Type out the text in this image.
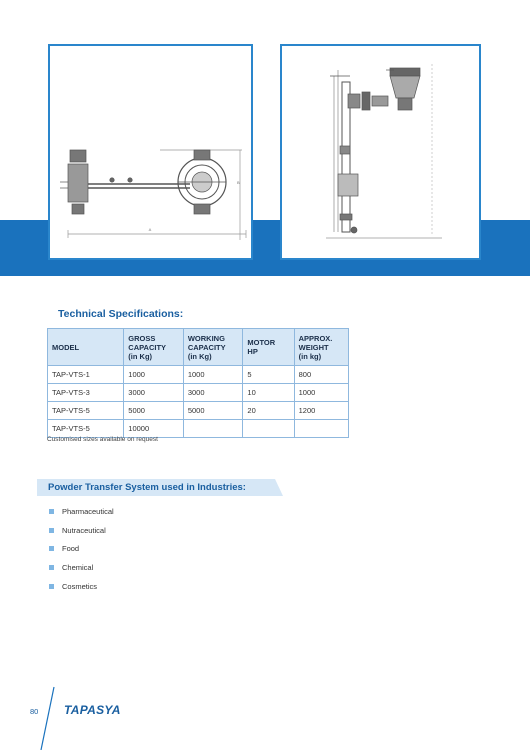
A
B
Plan view	Elevation view
Technical Specifications:
MODEL	GROSS
CAPACITY
(in Kg)	WORKING
CAPACITY
(in Kg)	MOTOR
HP	APPROX.
WEIGHT
(in kg)
TAP-VTS-1	1000	1000	5	800
TAP-VTS-3	3000	3000	10	1000
TAP-VTS-5	5000	5000	20	1200
TAP-VTS-5	10000			
Customised sizes available on request
Powder Transfer System used in Industries:
Pharmaceutical
Nutraceutical
Food
Chemical
Cosmetics
80 TAPASYA
